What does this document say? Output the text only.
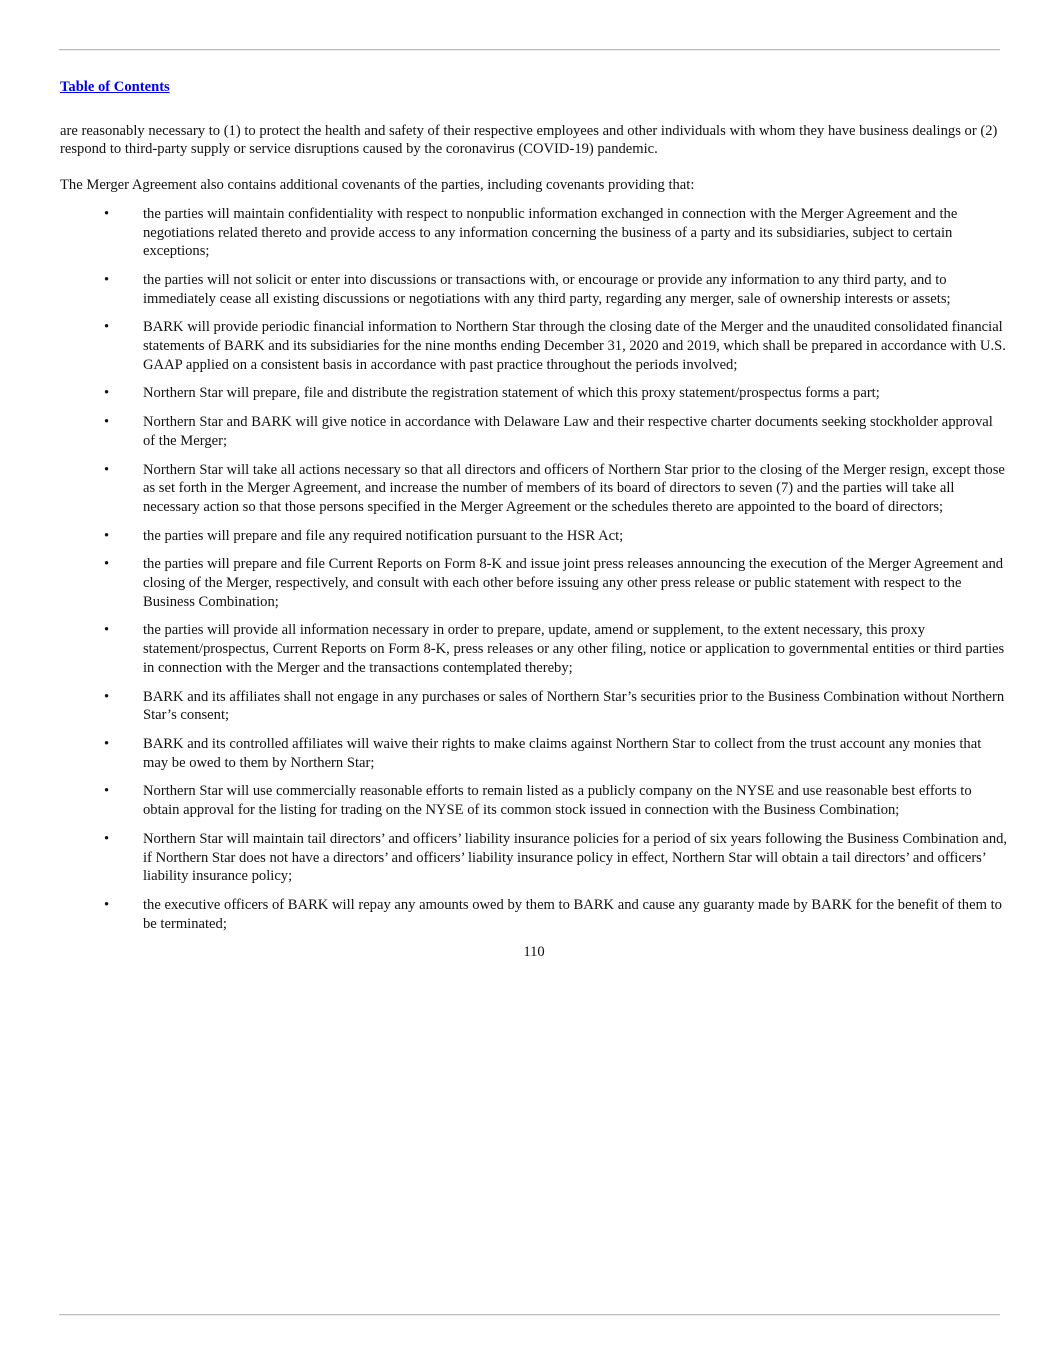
Table of Contents

are reasonably necessary to (1) to protect the health and safety of their respective employees and other individuals with whom they have business dealings or (2) respond to third-party supply or service disruptions caused by the coronavirus (COVID-19) pandemic.

The Merger Agreement also contains additional covenants of the parties, including covenants providing that:

• the parties will maintain confidentiality with respect to nonpublic information exchanged in connection with the Merger Agreement and the negotiations related thereto and provide access to any information concerning the business of a party and its subsidiaries, subject to certain exceptions;
• the parties will not solicit or enter into discussions or transactions with, or encourage or provide any information to any third party, and to immediately cease all existing discussions or negotiations with any third party, regarding any merger, sale of ownership interests or assets;
• BARK will provide periodic financial information to Northern Star through the closing date of the Merger and the unaudited consolidated financial statements of BARK and its subsidiaries for the nine months ending December 31, 2020 and 2019, which shall be prepared in accordance with U.S. GAAP applied on a consistent basis in accordance with past practice throughout the periods involved;
• Northern Star will prepare, file and distribute the registration statement of which this proxy statement/prospectus forms a part;
• Northern Star and BARK will give notice in accordance with Delaware Law and their respective charter documents seeking stockholder approval of the Merger;
• Northern Star will take all actions necessary so that all directors and officers of Northern Star prior to the closing of the Merger resign, except those as set forth in the Merger Agreement, and increase the number of members of its board of directors to seven (7) and the parties will take all necessary action so that those persons specified in the Merger Agreement or the schedules thereto are appointed to the board of directors;
• the parties will prepare and file any required notification pursuant to the HSR Act;
• the parties will prepare and file Current Reports on Form 8-K and issue joint press releases announcing the execution of the Merger Agreement and closing of the Merger, respectively, and consult with each other before issuing any other press release or public statement with respect to the Business Combination;
• the parties will provide all information necessary in order to prepare, update, amend or supplement, to the extent necessary, this proxy statement/prospectus, Current Reports on Form 8-K, press releases or any other filing, notice or application to governmental entities or third parties in connection with the Merger and the transactions contemplated thereby;
• BARK and its affiliates shall not engage in any purchases or sales of Northern Star’s securities prior to the Business Combination without Northern Star’s consent;
• BARK and its controlled affiliates will waive their rights to make claims against Northern Star to collect from the trust account any monies that may be owed to them by Northern Star;
• Northern Star will use commercially reasonable efforts to remain listed as a publicly company on the NYSE and use reasonable best efforts to obtain approval for the listing for trading on the NYSE of its common stock issued in connection with the Business Combination;
• Northern Star will maintain tail directors’ and officers’ liability insurance policies for a period of six years following the Business Combination and, if Northern Star does not have a directors’ and officers’ liability insurance policy in effect, Northern Star will obtain a tail directors’ and officers’ liability insurance policy;
• the executive officers of BARK will repay any amounts owed by them to BARK and cause any guaranty made by BARK for the benefit of them to be terminated;
110
